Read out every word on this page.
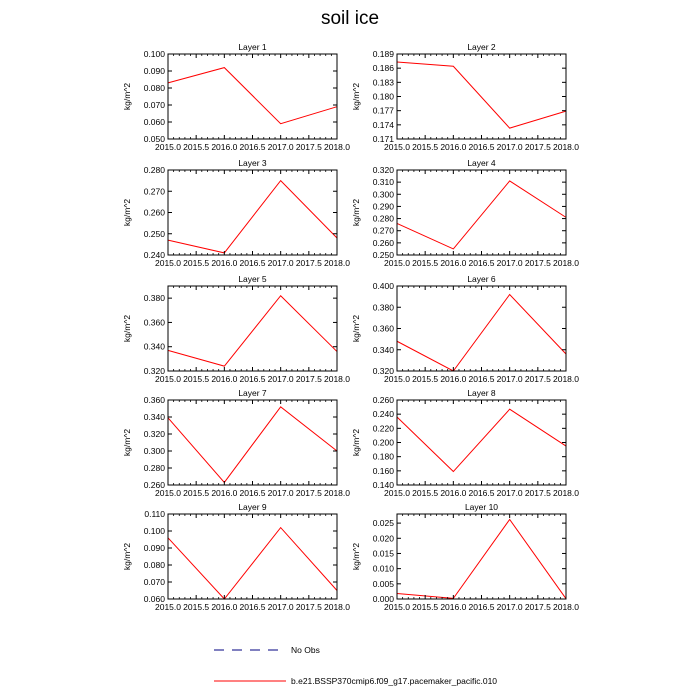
soil ice
Layer 1
2015.0 2015.5 2016.0 2016.5 2017.0 2017.5 2018.0
0.050
0.060
0.070
0.080
0.090
0.100
kg/m^2
Layer 2
2015.0 2015.5 2016.0 2016.5 2017.0 2017.5 2018.0
0.171
0.174
0.177
0.180
0.183
0.186
0.189
kg/m^2
Layer 3
2015.0 2015.5 2016.0 2016.5 2017.0 2017.5 2018.0
0.240
0.250
0.260
0.270
0.280
kg/m^2
Layer 4
2015.0 2015.5 2016.0 2016.5 2017.0 2017.5 2018.0
0.250
0.260
0.270
0.280
0.290
0.300
0.310
0.320
kg/m^2
Layer 5
2015.0 2015.5 2016.0 2016.5 2017.0 2017.5 2018.0
0.320
0.340
0.360
0.380
kg/m^2
Layer 6
2015.0 2015.5 2016.0 2016.5 2017.0 2017.5 2018.0
0.320
0.340
0.360
0.380
0.400
kg/m^2
Layer 7
2015.0 2015.5 2016.0 2016.5 2017.0 2017.5 2018.0
0.260
0.280
0.300
0.320
0.340
0.360
kg/m^2
Layer 8
2015.0 2015.5 2016.0 2016.5 2017.0 2017.5 2018.0
0.140
0.160
0.180
0.200
0.220
0.240
0.260
kg/m^2
Layer 9
2015.0 2015.5 2016.0 2016.5 2017.0 2017.5 2018.0
0.060
0.070
0.080
0.090
0.100
0.110
kg/m^2
Layer 10
2015.0 2015.5 2016.0 2016.5 2017.0 2017.5 2018.0
0.000
0.005
0.010
0.015
0.020
0.025
kg/m^2
No Obs
b.e21.BSSP370cmip6.f09_g17.pacemaker_pacific.010
